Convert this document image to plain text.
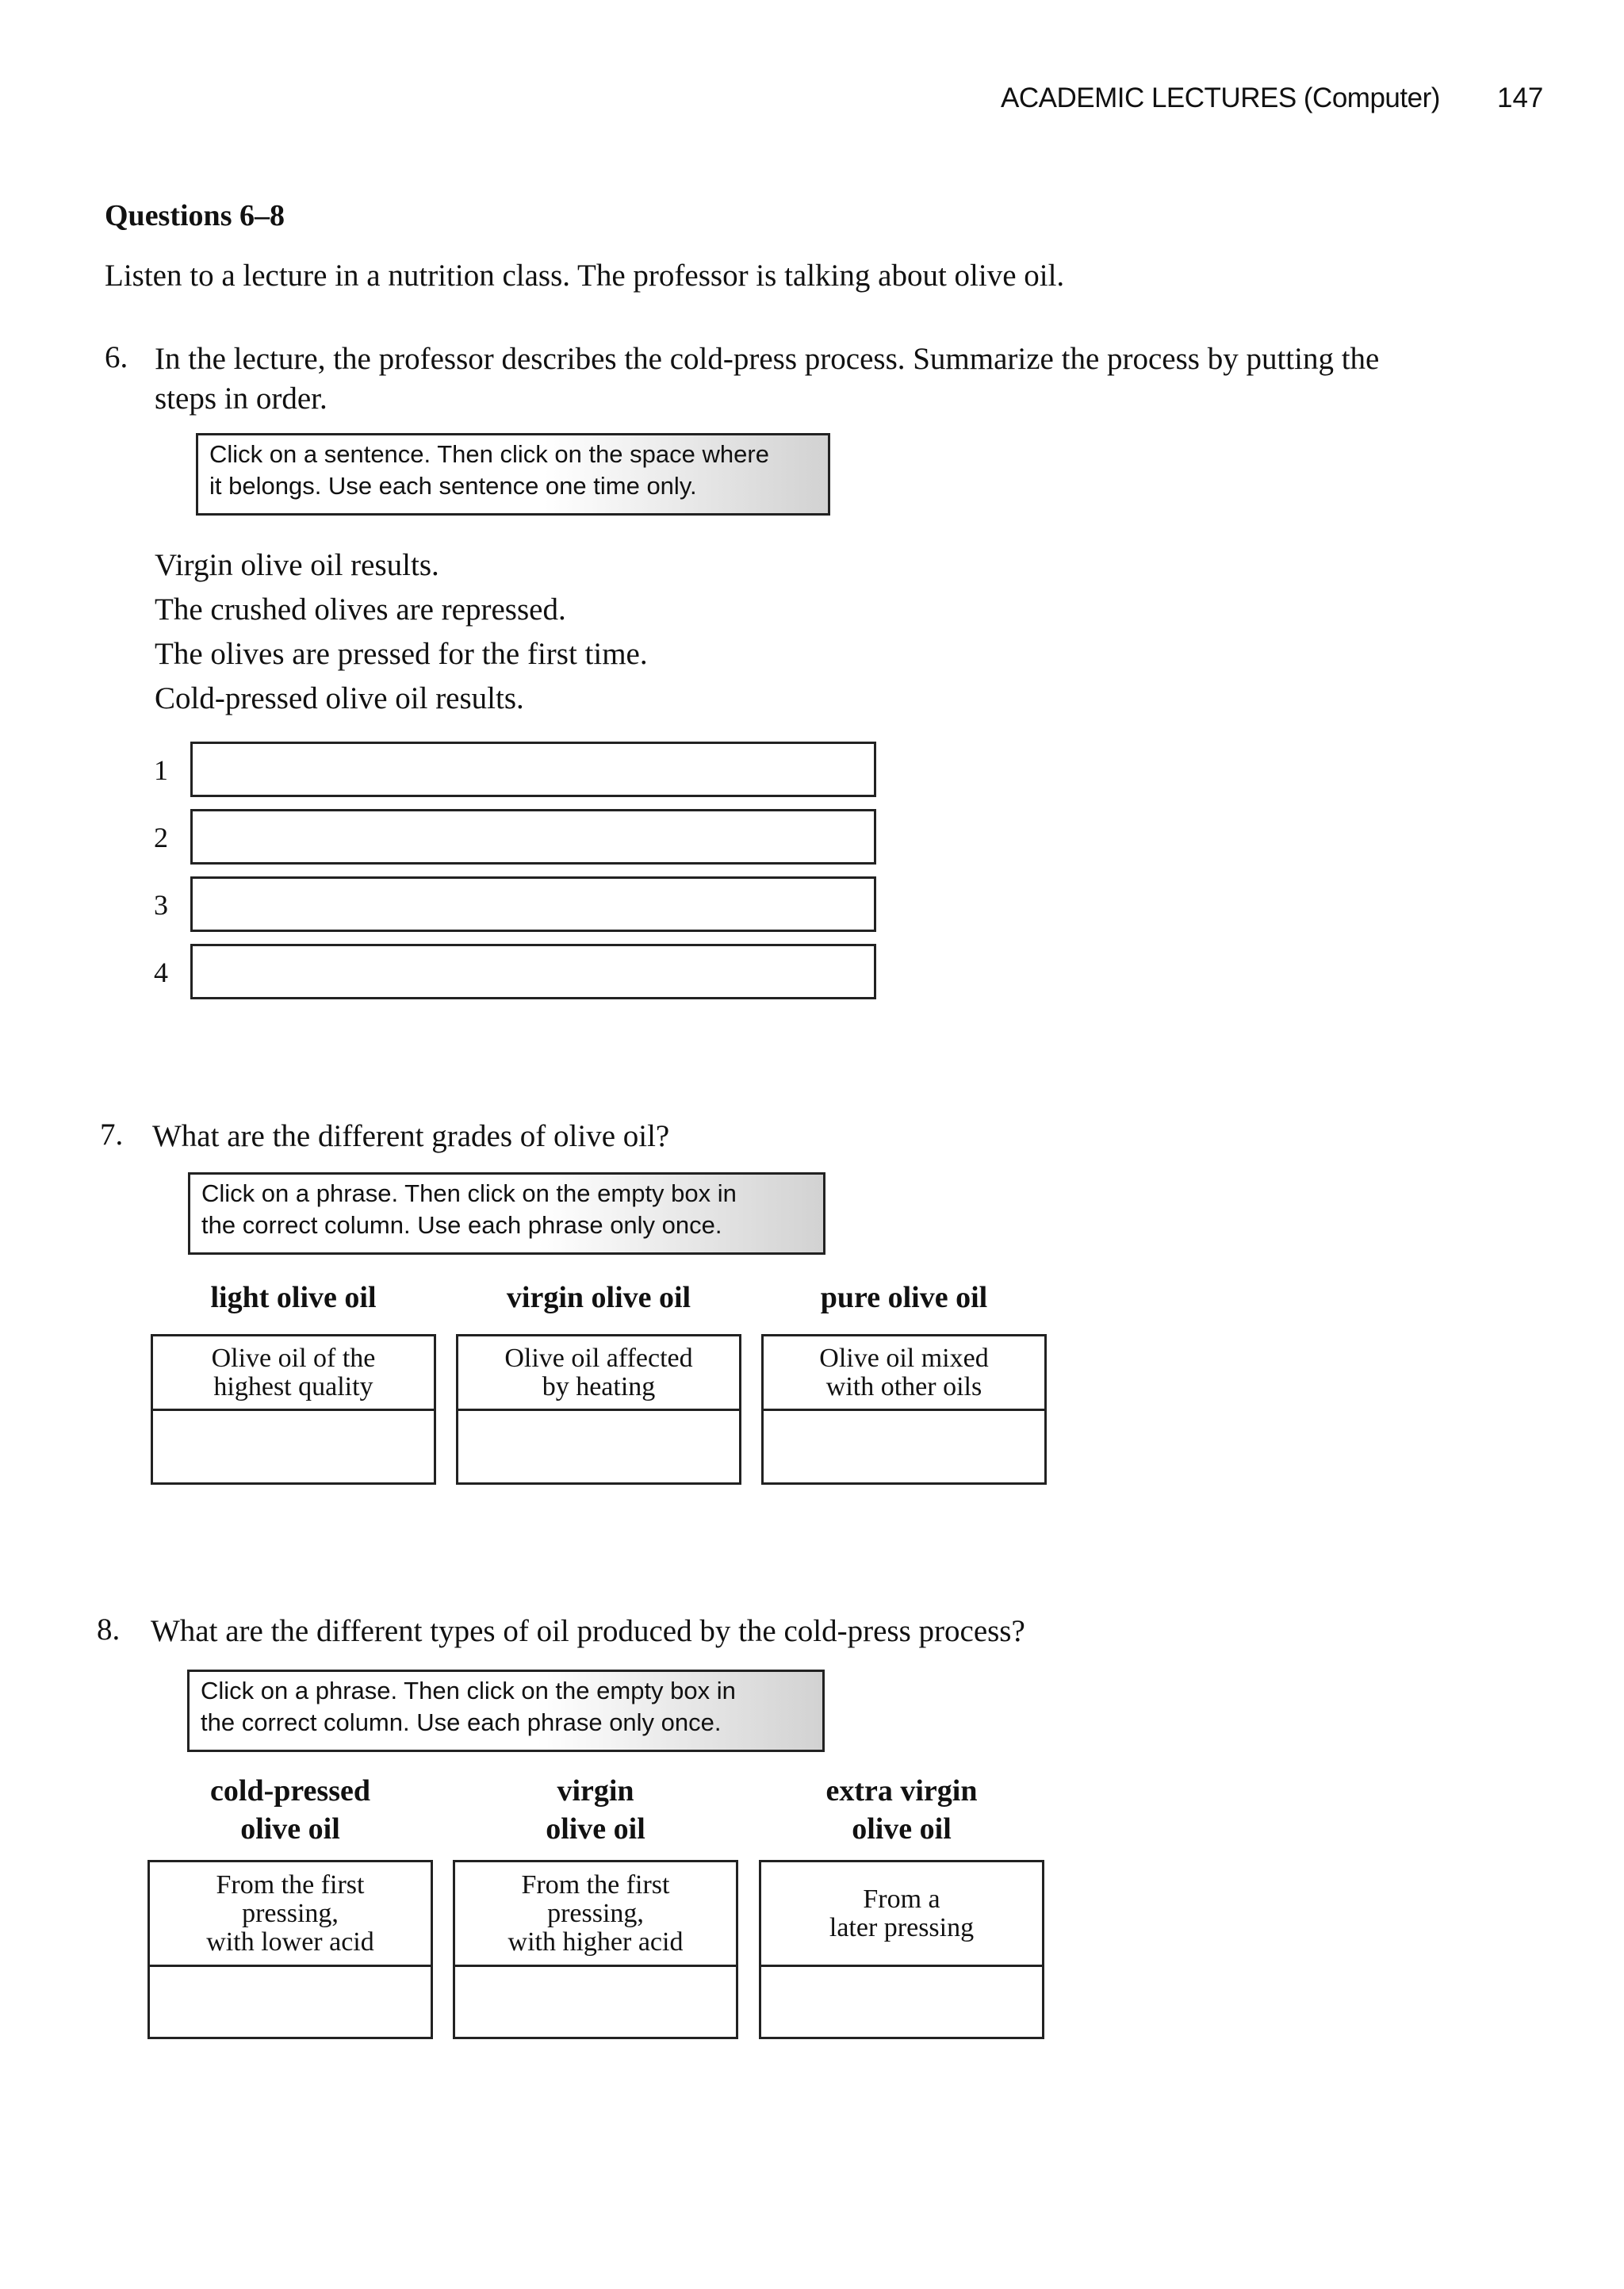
ACADEMIC LECTURES (Computer) 147
Questions 6–8
Listen to a lecture in a nutrition class. The professor is talking about olive oil.
6. In the lecture, the professor describes the cold-press process. Summarize the process by putting the steps in order.
Click on a sentence. Then click on the space where
it belongs. Use each sentence one time only.
Virgin olive oil results.
The crushed olives are repressed.
The olives are pressed for the first time.
Cold-pressed olive oil results.
1
2
3
4
7. What are the different grades of olive oil?
Click on a phrase. Then click on the empty box in
the correct column. Use each phrase only once.
light olive oil	virgin olive oil	pure olive oil
Olive oil of the
highest quality
Olive oil affected
by heating
Olive oil mixed
with other oils
8. What are the different types of oil produced by the cold-press process?
Click on a phrase. Then click on the empty box in
the correct column. Use each phrase only once.
cold-pressed
olive oil
virgin
olive oil
extra virgin
olive oil
From the first
pressing,
with lower acid
From the first
pressing,
with higher acid
From a
later pressing
